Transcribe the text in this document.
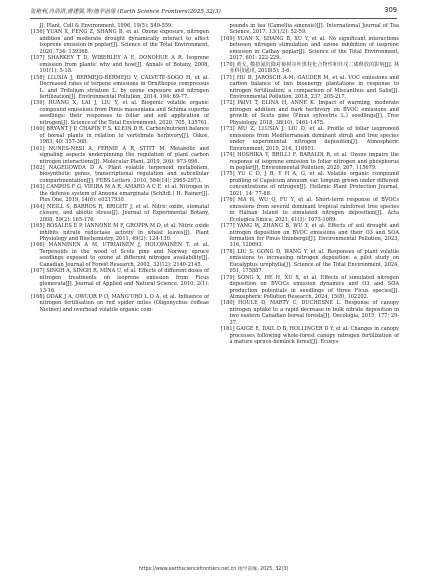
张艳利,肖浩洪,曾建强,等/地学前缘 (Earth Science Frontiers)2025,32(3)	309
J]. Plant, Cell & Environment, 1996, 19(5): 549-559.
[156] YUAN X, FENG Z, SHANG B, et al. Ozone exposure, nitrogen addition and moderate drought dynamically interact to affect isoprene emission in poplar[J]. Science of the Total Environment, 2020, 734: 139368.
[157] SHARKEY T D, WIBERLEY A E, DONOHUE A R. Isoprene emission from plants: why and how[J]. Annals of Botany, 2008, 101(1): 5-18.
[158] LLUSIA J, BERMEJO-BERMEJO V, CALVETE-SOGO H, et al. Decreased rates of terpene emissions in Ornithopus compressus L. and Trifolium striatum L. by ozone exposure and nitrogen fertilization[J]. Environmental Pollution, 2014, 194: 69-77.
[159] HUANG X, LAI J, LIU Y, et al. Biogenic volatile organic compound emissions from Pinus massoniana and Schima superba seedlings: their responses to foliar and soil application of nitrogen[J]. Science of the Total Environment, 2020, 705, 135761.
[160] BRYANT J P, CHAPIN F S, KLEIN D R. Carbon/nutrient balance of boreal plants in relation to vertebrate herbivory[J]. Oikos, 1983, 40: 357-368.
[161] NUNES-NESI A, FERNIE A R, STITT M. Metabolic and signaling aspects underpinning the regulation of plant carbon nitrogen interactions[J]. Molecular Plant, 2010, 3(6): 973-996.
[162] NAGEGOWDA D A. Plant volatile terpenoid metabolism, biosynthetic genes, transcriptional regulation and subcellular compartmentation[J]. FEBS Letters, 2010, 584(14): 2965-2973.
[163] CAMPOS F G, VIEIRA M A R, AMARO A C E, et al. Nitrogen in the defense system of Annona emarginata (Schltdl.) H. Rainer[J]. Plos One, 2019, 14(6): e0217930.
[164] NEILL S, BARROS R, BRIGHT J, et al. Nitric oxide, stomatal closure, and abiotic stress[J]. Journal of Experimental Botany, 2008, 59(2): 165-176.
[165] ROSALES E P, IANNONE M F, GROPPA M D, et al. Nitric oxide inhibits nitrate reductase activity in wheat leaves[J]. Plant Physiology and Biochemistry, 2011, 49(2): 124-130.
[166] MANNINEN A M, UTRIAINEN J, HOLOPAINEN T, et al. Terpenoids in the wood of Scots pine and Norway spruce seedlings exposed to ozone at different nitrogen availability[J]. Canadian Journal of Forest Research, 2002, 32(12): 2140-2145.
[167] SINGH A, SINGH R, MINA U, et al. Effects of different doses of nitrogen treatments on isoprene emission from Ficus glomerata[J]. Journal of Applied and Natural Science, 2010, 2(1): 13-16.
[168] ODAK J A, OWUOR P O, MANG'URO L O A, et al. Influence of nitrogen fertilisation on red spider mites (Oligonychus coffeae Nietner) and overhead volatile organic com-
pounds in tea (Camellia sinensis)[J]. International Journal of Tea Science, 2017, 13(1/2): 52-59.
[169] YUAN X, SHANG B, XU Y, et al. No significant interactions between nitrogen stimulation and ozone inhibition of isoprene emission in Cathay poplar[J]. Science of the Total Environment, 2017, 601: 222-229.
[170] 黄戈, 模拟氮沉降对樟树亮叶黑桂化合物性和异戊二烯释放的影响[J]. 林业科技通讯, 2018(5): 3-6.
[171] HU B, JAROSCH A-M, GAUDER M, et al. VOC emissions and carbon balance of two bioenergy plantations in response to nitrogen fertilization: a comparison of Miscanthus and Salix[J]. Environmental Pollution, 2018, 237, 205-217.
[172] PäIVI T, ELINA H, ANNE K. Impact of warming, moderate nitrogen addition and bark herbivory on BVOC emissions and growth of Scots pine (Pinus sylvestris L.) seedlings[J]. Tree Physiology, 2018, 38(10), 1461-1475.
[173] MU Z, LLUSIA J, LIU D, et al. Profile of foliar isoprenoid emissions from Mediterranean dominant shrub and tree species under experimental nitrogen deposition[J]. Atmospheric Environment, 2019, 216, 116951.
[174] HOSHIKA Y, BRILLI F, BARALDI R, et al. Ozone impairs the response of isoprene emission to foliar nitrogen and phosphorus in poplar[J]. Environmental Pollution, 2020, 267, 115679.
[175] YU C D, J B, Y H A, G, et al. Volatile organic compound profiling of Capsicum annuum var. longum grown under different concentrations of nitrogen[J]. Hellenic Plant Protection Journal, 2021, 14: 77-88.
[176] MA H, WU Q, FU Y, et al. Short-term response of BVOCs emissions from several dominant tropical rainforest tree species in Hainan Island to simulated nitrogen deposition[J]. Acta Ecologica Sinica, 2021, 41(3): 1073-1089.
[177] YANG W, ZHANG B, WU Y, et al. Effects of soil drought and nitrogen deposition on BVOC emissions and their O3 and SOA formation for Pinus thunbergii[J]. Environmental Pollution, 2023, 316, 120693.
[178] LIU S, GONG D, WANG Y, et al. Responses of plant volatile emissions to increasing nitrogen deposition: a pilot study on Eucalyptus urophylla[J]. Science of the Total Environment, 2024, 951, 175887.
[179] SONG X, HE H, XU X, et al. Effects of simulated nitrogen deposition on BVOCs emission dynamics and O3 and SOA production potentials in seedlings of three Ficus species[J]. Atmospheric Pollution Research, 2024, 15(8), 102202.
[180] HOULE D, MARTY C, DUCHESNE L. Response of canopy nitrogen uptake to a rapid decrease in bulk nitrate deposition in two eastern Canadian boreal forests[J]. Oecologia, 2015, 177: 29-37.
[181] GAIGE E, DAIL D B, HOLLINGER D Y, et al. Changes in canopy processes following whole-forest canopy nitrogen fertilization of a mature spruce-hemlock forest[J]. Ecosys-
https://www.earthsciencefrontiers.net.cn 地学前缘, 2025, 32(3)
